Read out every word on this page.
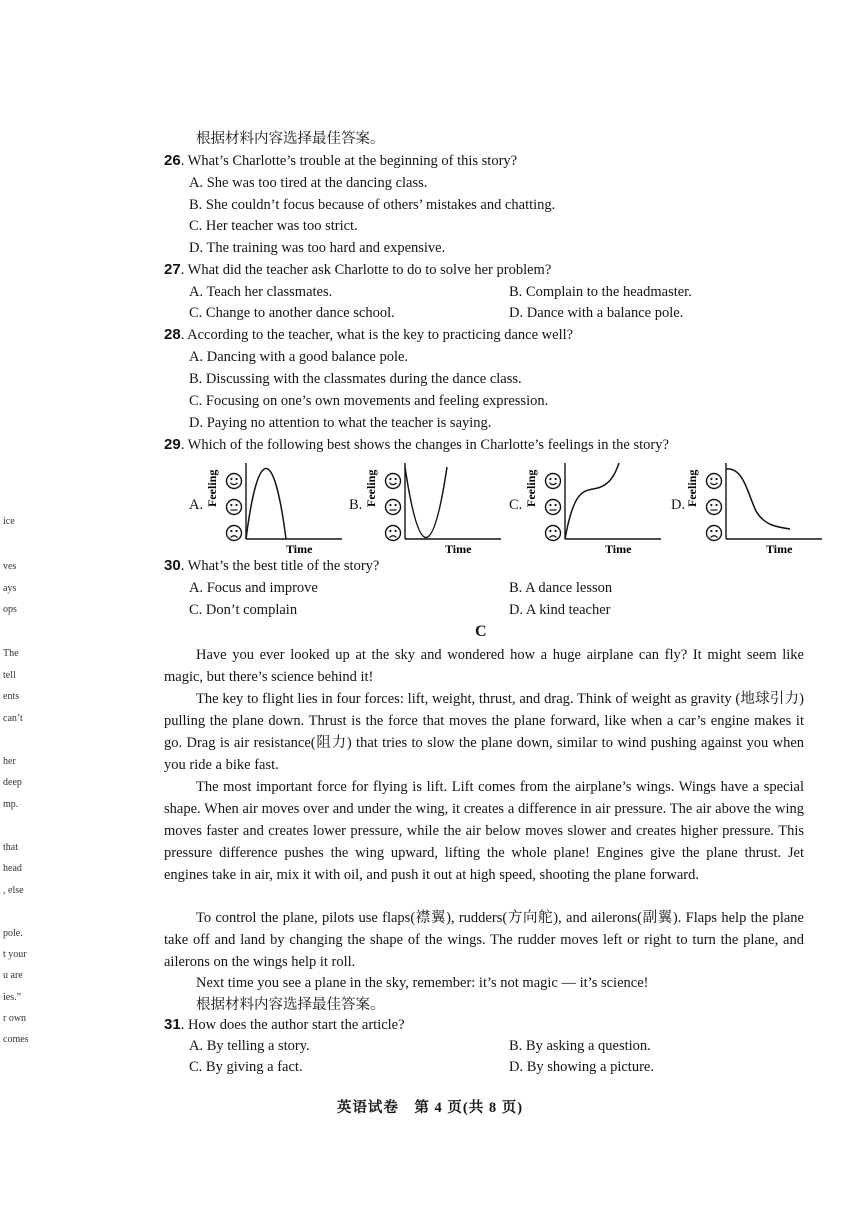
ice
ves
ays
ops
The
tell
ents
can’t
her
deep
mp.
that
head
, else
pole.
t your
u are
ies.”
r own
comes
根据材料内容选择最佳答案。
26. What’s Charlotte’s trouble at the beginning of this story?
A. She was too tired at the dancing class.
B. She couldn’t focus because of others’ mistakes and chatting.
C. Her teacher was too strict.
D. The training was too hard and expensive.
27. What did the teacher ask Charlotte to do to solve her problem?
A. Teach her classmates.	B. Complain to the headmaster.
C. Change to another dance school.	D. Dance with a balance pole.
28. According to the teacher, what is the key to practicing dance well?
A. Dancing with a good balance pole.
B. Discussing with the classmates during the dance class.
C. Focusing on one’s own movements and feeling expression.
D. Paying no attention to what the teacher is saying.
29. Which of the following best shows the changes in Charlotte’s feelings in the story?
A.	B.	C.	D.
Feeling
Time
Feeling
Time
Feeling
Time
Feeling
Time
30. What’s the best title of the story?
A. Focus and improve	B. A dance lesson
C. Don’t complain	D. A kind teacher
C

Have you ever looked up at the sky and wondered how a huge airplane can fly? It might seem like magic, but there’s science behind it!

The key to flight lies in four forces: lift, weight, thrust, and drag. Think of weight as gravity (地球引力) pulling the plane down. Thrust is the force that moves the plane forward, like when a car’s engine makes it go. Drag is air resistance(阻力) that tries to slow the plane down, similar to wind pushing against you when you ride a bike fast.

The most important force for flying is lift. Lift comes from the airplane’s wings. Wings have a special shape. When air moves over and under the wing, it creates a difference in air pressure. The air above the wing moves faster and creates lower pressure, while the air below moves slower and creates higher pressure. This pressure difference pushes the wing upward, lifting the whole plane! Engines give the plane thrust. Jet engines take in air, mix it with oil, and push it out at high speed, shooting the plane forward.

To control the plane, pilots use flaps(襟翼), rudders(方向舵), and ailerons(副翼). Flaps help the plane take off and land by changing the shape of the wings. The rudder moves left or right to turn the plane, and ailerons on the wings help it roll.

Next time you see a plane in the sky, remember: it’s not magic — it’s science!

根据材料内容选择最佳答案。
31. How does the author start the article?
A. By telling a story.	B. By asking a question.
C. By giving a fact.	D. By showing a picture.
英语试卷　第 4 页(共 8 页)
